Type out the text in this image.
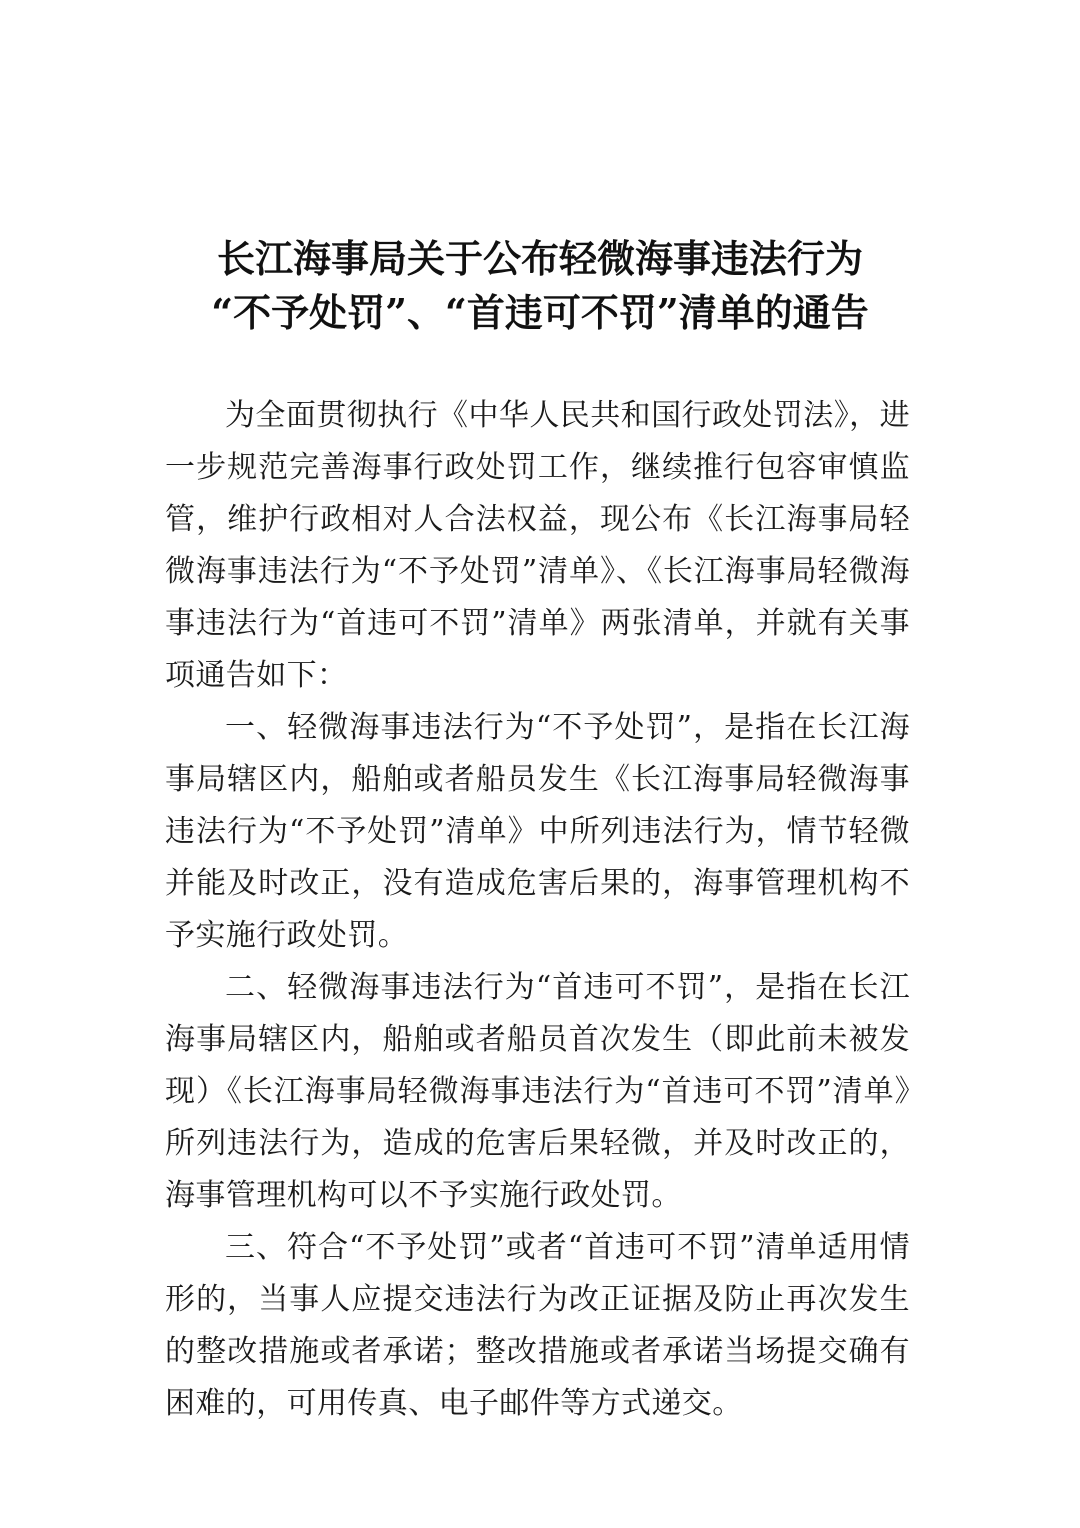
长江海事局关于公布轻微海事违法行为
“不予处罚”、“首违可不罚”清单的通告

为全面贯彻执行《中华人民共和国行政处罚法》，进一步规范完善海事行政处罚工作，继续推行包容审慎监管，维护行政相对人合法权益，现公布《长江海事局轻微海事违法行为“不予处罚”清单》、《长江海事局轻微海事违法行为“首违可不罚”清单》两张清单，并就有关事项通告如下：

一、轻微海事违法行为“不予处罚”，是指在长江海事局辖区内，船舶或者船员发生《长江海事局轻微海事违法行为“不予处罚”清单》中所列违法行为，情节轻微并能及时改正，没有造成危害后果的，海事管理机构不予实施行政处罚。

二、轻微海事违法行为“首违可不罚”，是指在长江海事局辖区内，船舶或者船员首次发生（即此前未被发现）《长江海事局轻微海事违法行为“首违可不罚”清单》所列违法行为，造成的危害后果轻微，并及时改正的，海事管理机构可以不予实施行政处罚。

三、符合“不予处罚”或者“首违可不罚”清单适用情形的，当事人应提交违法行为改正证据及防止再次发生的整改措施或者承诺；整改措施或者承诺当场提交确有困难的，可用传真、电子邮件等方式递交。
